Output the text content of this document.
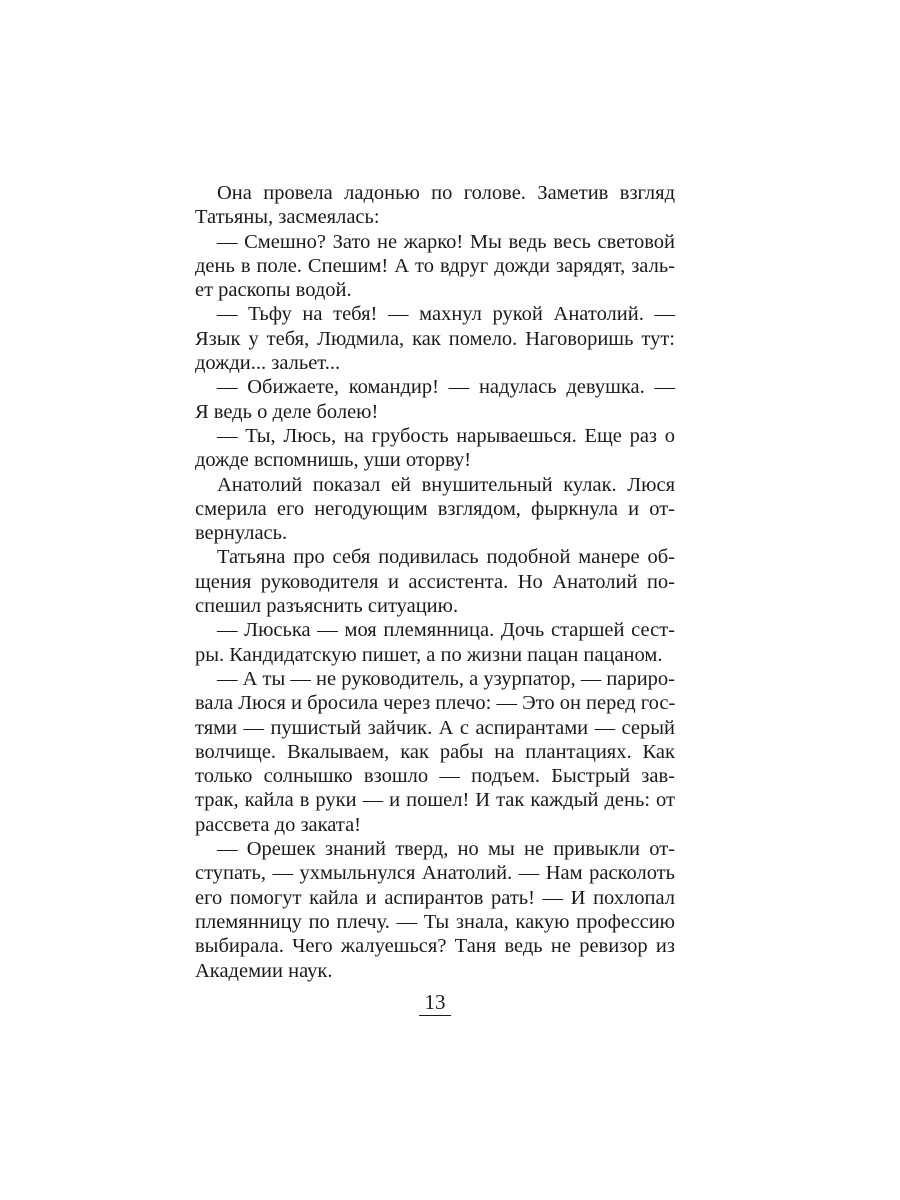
Она провела ладонью по голове. Заметив взгляд
Татьяны, засмеялась:
— Смешно? Зато не жарко! Мы ведь весь световой
день в поле. Спешим! А то вдруг дожди зарядят, заль-
ет раскопы водой.
— Тьфу на тебя! — махнул рукой Анатолий. —
Язык у тебя, Людмила, как помело. Наговоришь тут:
дожди... зальет...
— Обижаете, командир! — надулась девушка. —
Я ведь о деле болею!
— Ты, Люсь, на грубость нарываешься. Еще раз о
дожде вспомнишь, уши оторву!
Анатолий показал ей внушительный кулак. Люся
смерила его негодующим взглядом, фыркнула и от-
вернулась.
Татьяна про себя подивилась подобной манере об-
щения руководителя и ассистента. Но Анатолий по-
спешил разъяснить ситуацию.
— Люська — моя племянница. Дочь старшей сест-
ры. Кандидатскую пишет, а по жизни пацан пацаном.
— А ты — не руководитель, а узурпатор, — париро-
вала Люся и бросила через плечо: — Это он перед гос-
тями — пушистый зайчик. А с аспирантами — серый
волчище. Вкалываем, как рабы на плантациях. Как
только солнышко взошло — подъем. Быстрый зав-
трак, кайла в руки — и пошел! И так каждый день: от
рассвета до заката!
— Орешек знаний тверд, но мы не привыкли от-
ступать, — ухмыльнулся Анатолий. — Нам расколоть
его помогут кайла и аспирантов рать! — И похлопал
племянницу по плечу. — Ты знала, какую профессию
выбирала. Чего жалуешься? Таня ведь не ревизор из
Академии наук.
13
